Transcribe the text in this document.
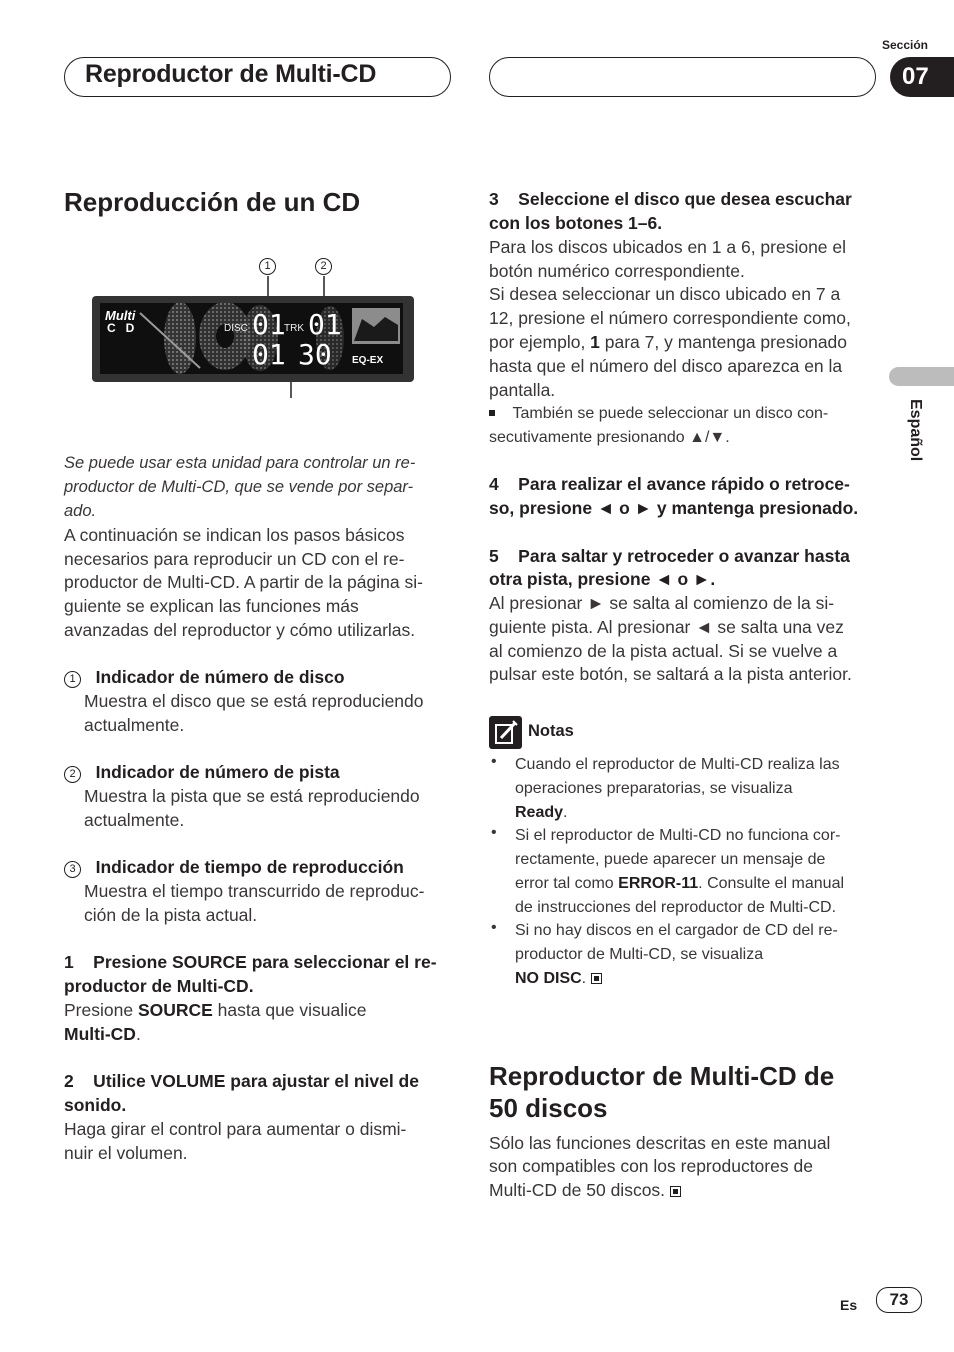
Reproductor de Multi-CD
Sección
07
Español
Reproducción de un CD
1	2
Multi
C   D	DISC 01
TRK 01
01 30 EQ-EX
Se puede usar esta unidad para controlar un re-
productor de Multi-CD, que se vende por separ-
ado.
A continuación se indican los pasos básicos
necesarios para reproducir un CD con el re-
productor de Multi-CD. A partir de la página si-
guiente se explican las funciones más
avanzadas del reproductor y cómo utilizarlas.
1 Indicador de número de disco
Muestra el disco que se está reproduciendo
actualmente.
2 Indicador de número de pista
Muestra la pista que se está reproduciendo
actualmente.
3 Indicador de tiempo de reproducción
Muestra el tiempo transcurrido de reproduc-
ción de la pista actual.
1    Presione SOURCE para seleccionar el re-
productor de Multi-CD.
Presione SOURCE hasta que visualice
Multi-CD.
2    Utilice VOLUME para ajustar el nivel de
sonido.
Haga girar el control para aumentar o dismi-
nuir el volumen.
3    Seleccione el disco que desea escuchar
con los botones 1–6.
Para los discos ubicados en 1 a 6, presione el
botón numérico correspondiente.
Si desea seleccionar un disco ubicado en 7 a
12, presione el número correspondiente como,
por ejemplo, 1 para 7, y mantenga presionado
hasta que el número del disco aparezca en la
pantalla.
También se puede seleccionar un disco con-
secutivamente presionando ▲/▼.
4    Para realizar el avance rápido o retroce-
so, presione ◄ o ► y mantenga presionado.
5    Para saltar y retroceder o avanzar hasta
otra pista, presione ◄ o ►.
Al presionar ► se salta al comienzo de la si-
guiente pista. Al presionar ◄ se salta una vez
al comienzo de la pista actual. Si se vuelve a
pulsar este botón, se saltará a la pista anterior.
Notas
• Cuando el reproductor de Multi-CD realiza las
operaciones preparatorias, se visualiza
Ready.
• Si el reproductor de Multi-CD no funciona cor-
rectamente, puede aparecer un mensaje de
error tal como ERROR-11. Consulte el manual
de instrucciones del reproductor de Multi-CD.
• Si no hay discos en el cargador de CD del re-
productor de Multi-CD, se visualiza
NO DISC.
Reproductor de Multi-CD de
50 discos
Sólo las funciones descritas en este manual
son compatibles con los reproductores de
Multi-CD de 50 discos.
Es	73
